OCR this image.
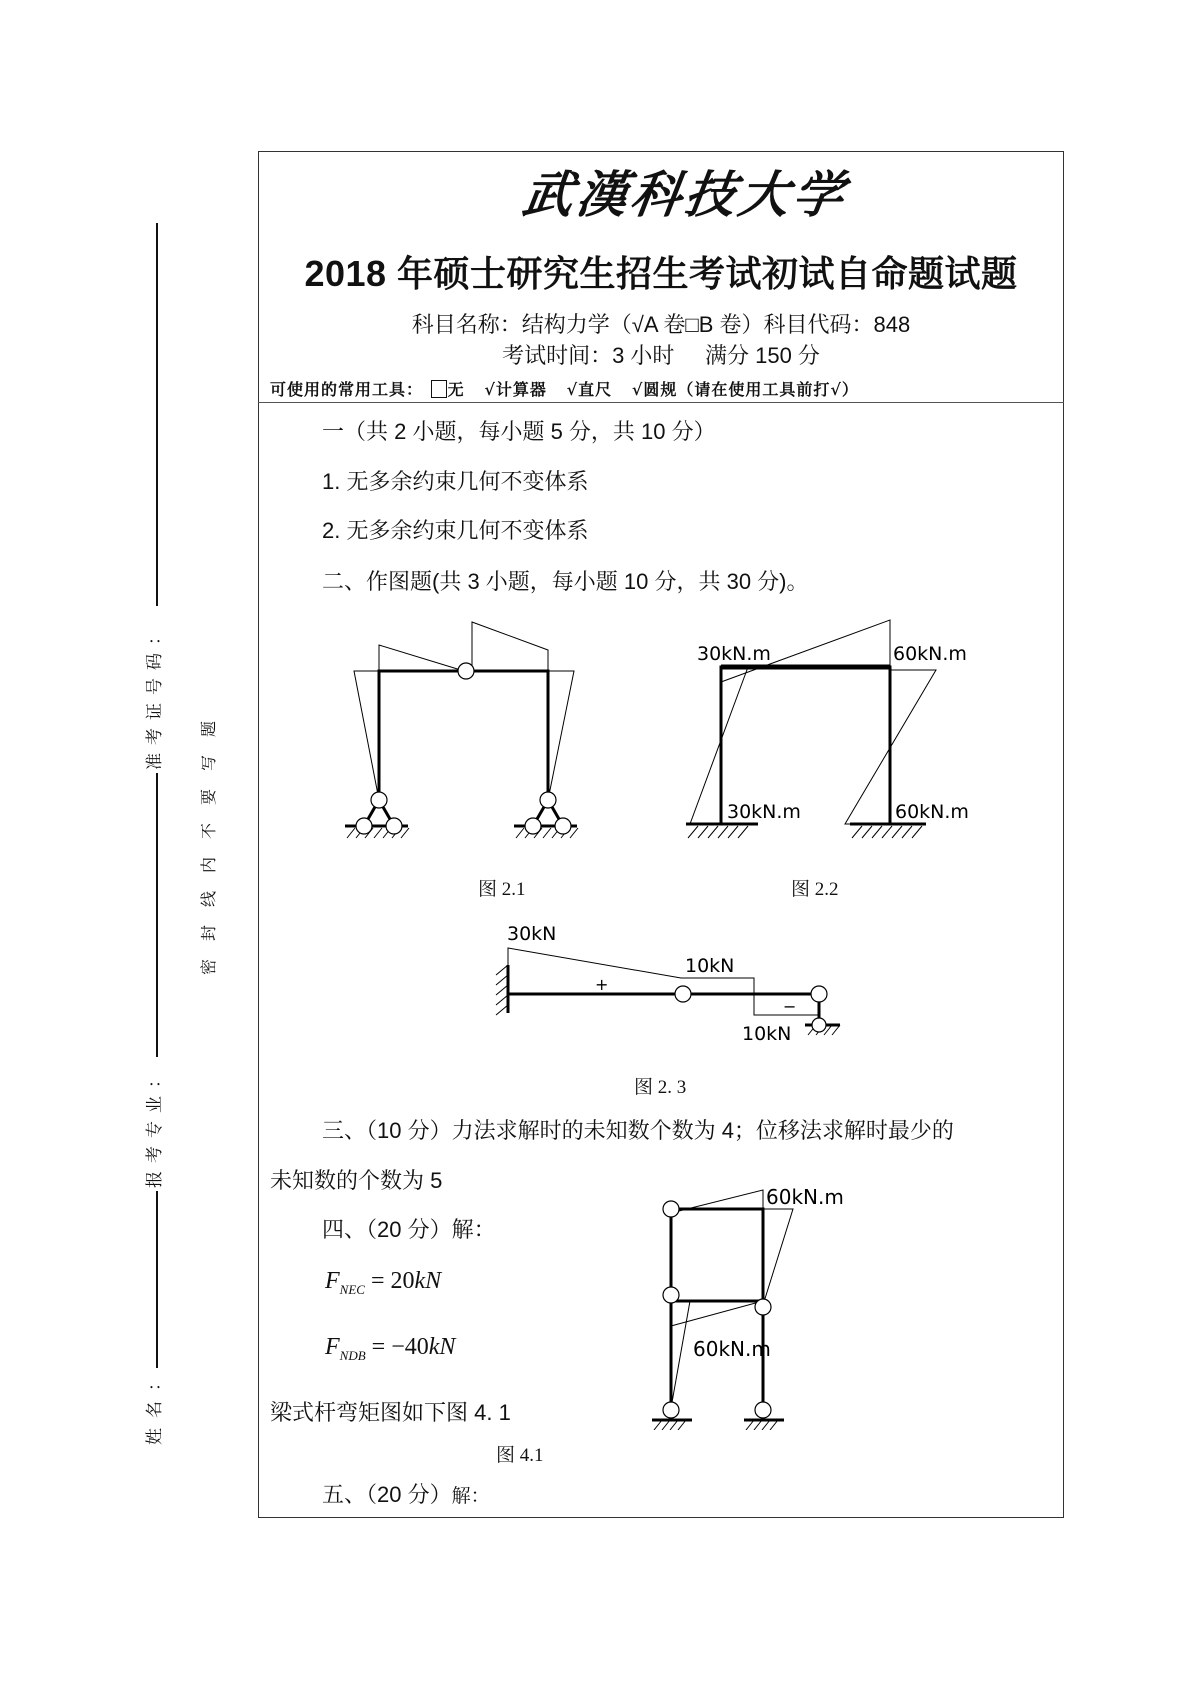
准考证号码：
报考专业：
姓名：
密封线内不要写题
武漢科技大学
2018 年硕士研究生招生考试初试自命题试题
科目名称：结构力学（√A 卷□B 卷）科目代码：848
考试时间：3 小时     满分 150 分
可使用的常用工具： 无 √计算器 √直尺 √圆规（请在使用工具前打√）
一（共 2 小题，每小题 5 分，共 10 分）
1. 无多余约束几何不变体系
2. 无多余约束几何不变体系
二、作图题(共 3 小题，每小题 10 分，共 30 分)。
图 2.1
30kN.m	60kN.m
30kN.m	60kN.m
图 2.2
30kN
10kN
10kN
+
−
图 2. 3
三、（10 分）力法求解时的未知数个数为 4；位移法求解时最少的
未知数的个数为 5
四、（20 分）解：
$F_{NEC} = 20kN$
$F_{NDB} = -40kN$
梁式杆弯矩图如下图 4. 1
图 4.1
60kN.m
60kN.m
五、（20 分）解：
